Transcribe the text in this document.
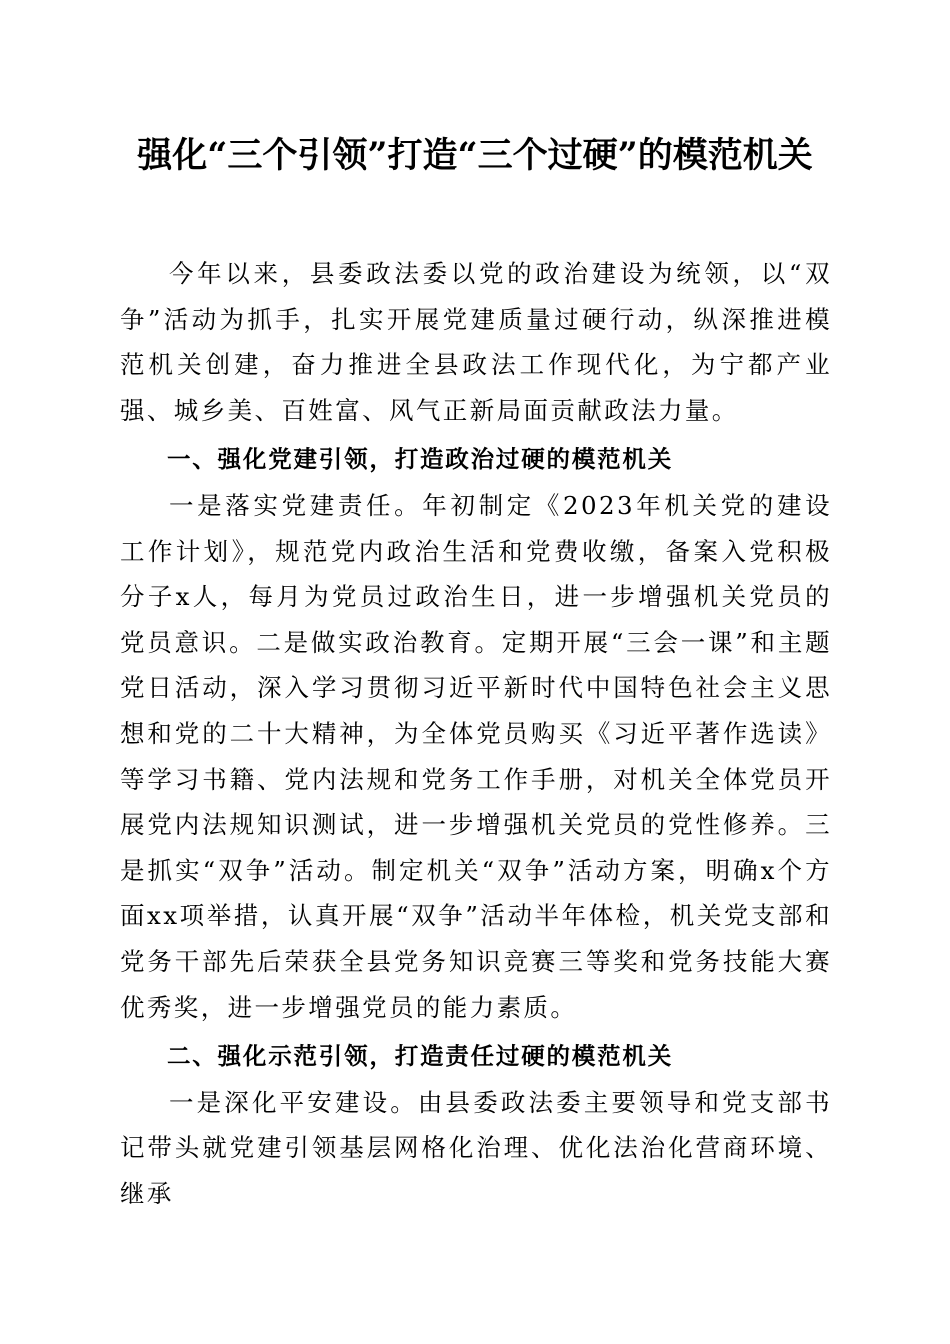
强化“三个引领”打造“三个过硬”的模范机关

今年以来，县委政法委以党的政治建设为统领，以“双争”活动为抓手，扎实开展党建质量过硬行动，纵深推进模范机关创建，奋力推进全县政法工作现代化，为宁都产业强、城乡美、百姓富、风气正新局面贡献政法力量。

一、强化党建引领，打造政治过硬的模范机关

一是落实党建责任。年初制定《2023年机关党的建设工作计划》，规范党内政治生活和党费收缴，备案入党积极分子x人，每月为党员过政治生日，进一步增强机关党员的党员意识。二是做实政治教育。定期开展“三会一课”和主题党日活动，深入学习贯彻习近平新时代中国特色社会主义思想和党的二十大精神，为全体党员购买《习近平著作选读》等学习书籍、党内法规和党务工作手册，对机关全体党员开展党内法规知识测试，进一步增强机关党员的党性修养。三是抓实“双争”活动。制定机关“双争”活动方案，明确x个方面xx项举措，认真开展“双争”活动半年体检，机关党支部和党务干部先后荣获全县党务知识竞赛三等奖和党务技能大赛优秀奖，进一步增强党员的能力素质。

二、强化示范引领，打造责任过硬的模范机关

一是深化平安建设。由县委政法委主要领导和党支部书记带头就党建引领基层网格化治理、优化法治化营商环境、继承
